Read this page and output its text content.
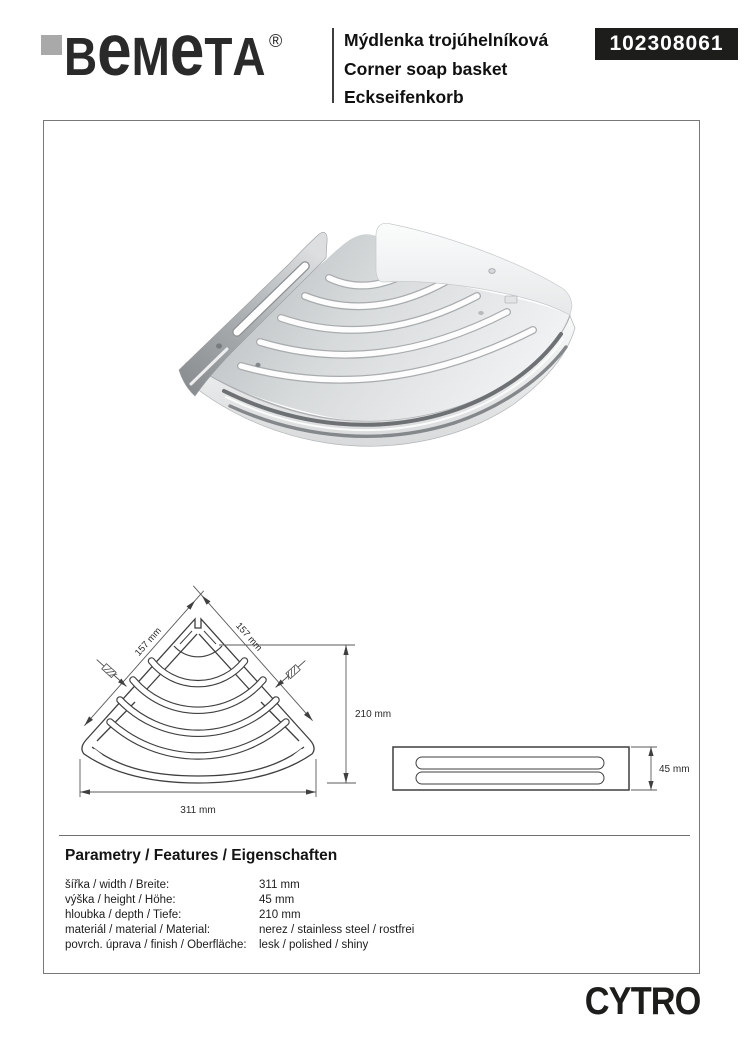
BeMeTA ®	Mýdlenka trojúhelníková
Corner soap basket
Eckseifenkorb
102308061
157 mm	157 mm
210 mm
311 mm
45 mm
Parametry / Features / Eigenschaften
šířka / width / Breite:	311 mm
výška / height / Höhe:	45 mm
hloubka / depth / Tiefe:	210 mm
materiál / material / Material:	nerez / stainless steel / rostfrei
povrch. úprava / finish / Oberfläche: lesk / polished / shiny
CYTRO
